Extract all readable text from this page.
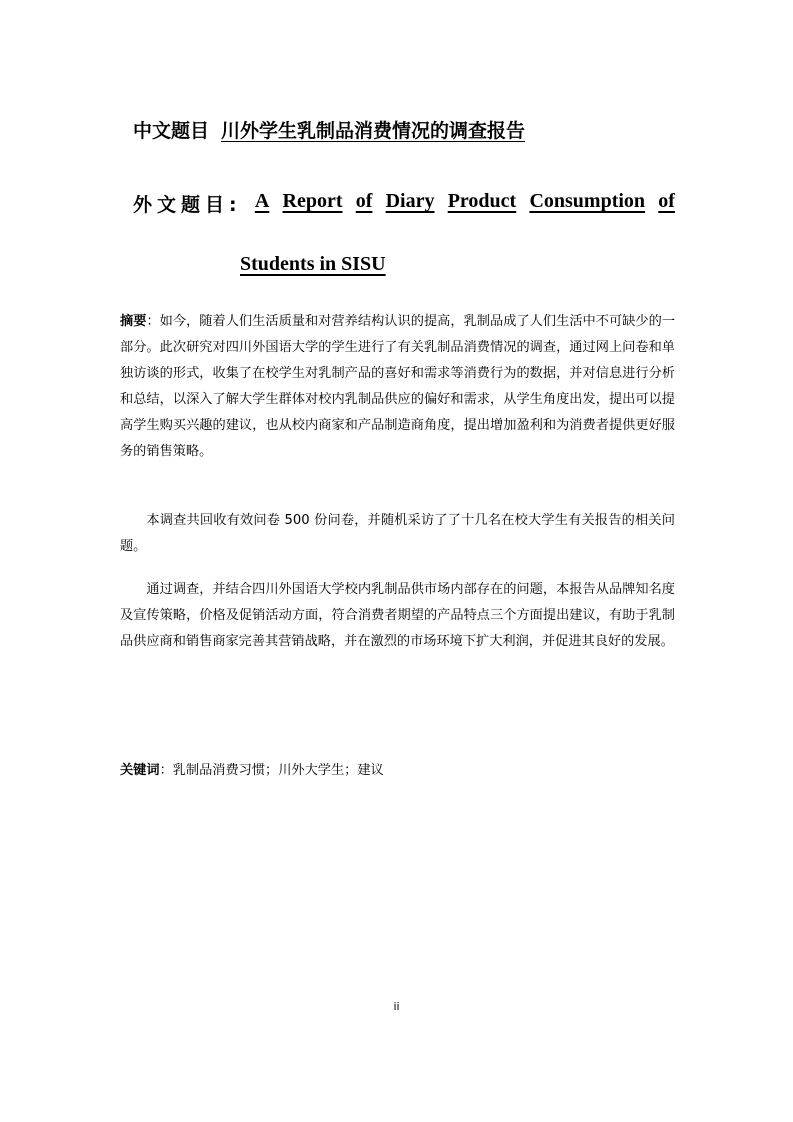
中文题目 川外学生乳制品消费情况的调查报告
外文题目: A Report of Diary Product Consumption of
Students in SISU
摘要：如今，随着人们生活质量和对营养结构认识的提高，乳制品成了人们生活中不可缺少的一部分。此次研究对四川外国语大学的学生进行了有关乳制品消费情况的调查，通过网上问卷和单独访谈的形式，收集了在校学生对乳制产品的喜好和需求等消费行为的数据，并对信息进行分析和总结，以深入了解大学生群体对校内乳制品供应的偏好和需求，从学生角度出发，提出可以提高学生购买兴趣的建议，也从校内商家和产品制造商角度，提出增加盈利和为消费者提供更好服务的销售策略。
本调查共回收有效问卷 500 份问卷，并随机采访了了十几名在校大学生有关报告的相关问题。
通过调查，并结合四川外国语大学校内乳制品供市场内部存在的问题，本报告从品牌知名度及宣传策略，价格及促销活动方面，符合消费者期望的产品特点三个方面提出建议，有助于乳制品供应商和销售商家完善其营销战略，并在激烈的市场环境下扩大利润，并促进其良好的发展。
关键词：乳制品消费习惯；川外大学生；建议
ii
